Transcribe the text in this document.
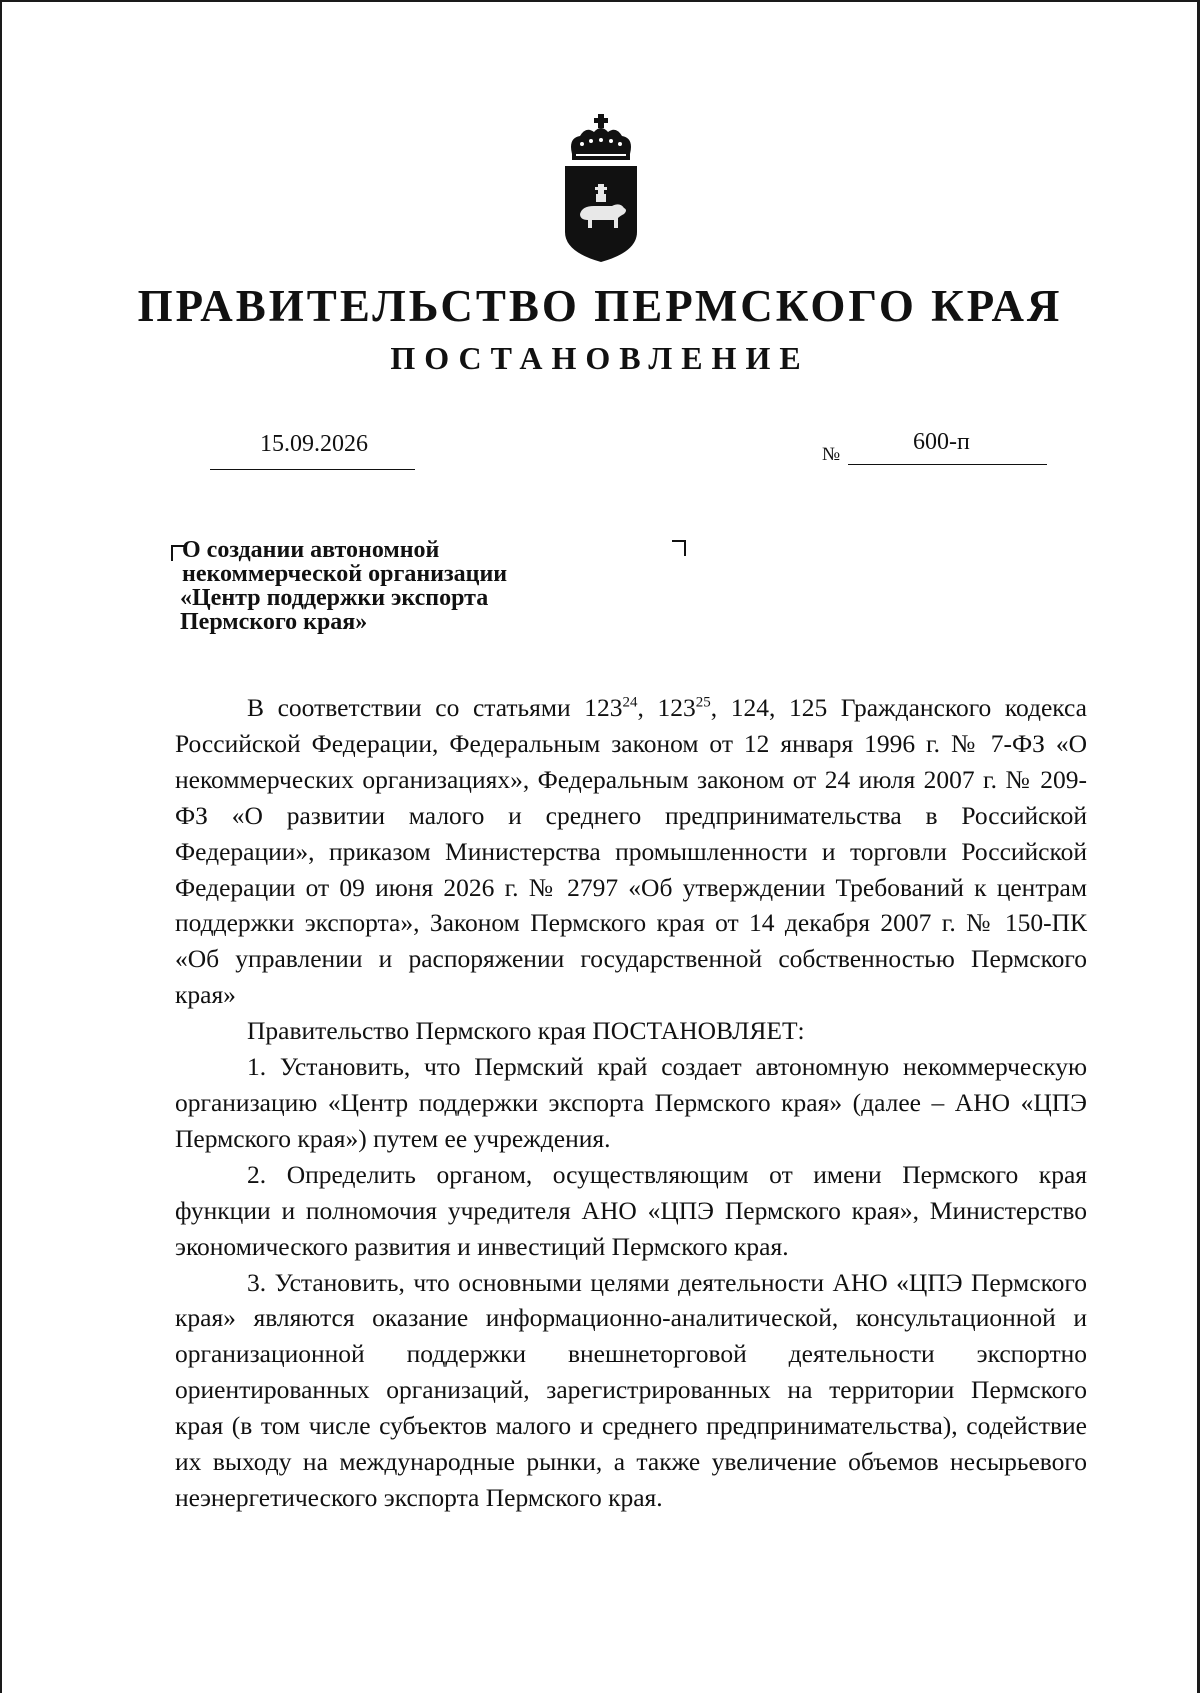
ПРАВИТЕЛЬСТВО ПЕРМСКОГО КРАЯ
ПОСТАНОВЛЕНИЕ
15.09.2026	№	600-п
О создании автономной
некоммерческой организации
«Центр поддержки экспорта
Пермского края»

В соответствии со статьями $123^{24}$, $123^{25}$, 124, 125 Гражданского кодекса Российской Федерации, Федеральным законом от 12 января 1996 г. № 7-ФЗ «О некоммерческих организациях», Федеральным законом от 24 июля 2007 г. № 209-ФЗ «О развитии малого и среднего предпринимательства в Российской Федерации», приказом Министерства промышленности и торговли Российской Федерации от 09 июня 2026 г. № 2797 «Об утверждении Требований к центрам поддержки экспорта», Законом Пермского края от 14 декабря 2007 г. № 150-ПК «Об управлении и распоряжении государственной собственностью Пермского края»

Правительство Пермского края ПОСТАНОВЛЯЕТ:

1. Установить, что Пермский край создает автономную некоммерческую организацию «Центр поддержки экспорта Пермского края» (далее – АНО «ЦПЭ Пермского края») путем ее учреждения.

2. Определить органом, осуществляющим от имени Пермского края функции и полномочия учредителя АНО «ЦПЭ Пермского края», Министерство экономического развития и инвестиций Пермского края.

3. Установить, что основными целями деятельности АНО «ЦПЭ Пермского края» являются оказание информационно-аналитической, консультационной и организационной поддержки внешнеторговой деятельности экспортно ориентированных организаций, зарегистрированных на территории Пермского края (в том числе субъектов малого и среднего предпринимательства), содействие их выходу на международные рынки, а также увеличение объемов несырьевого неэнергетического экспорта Пермского края.
